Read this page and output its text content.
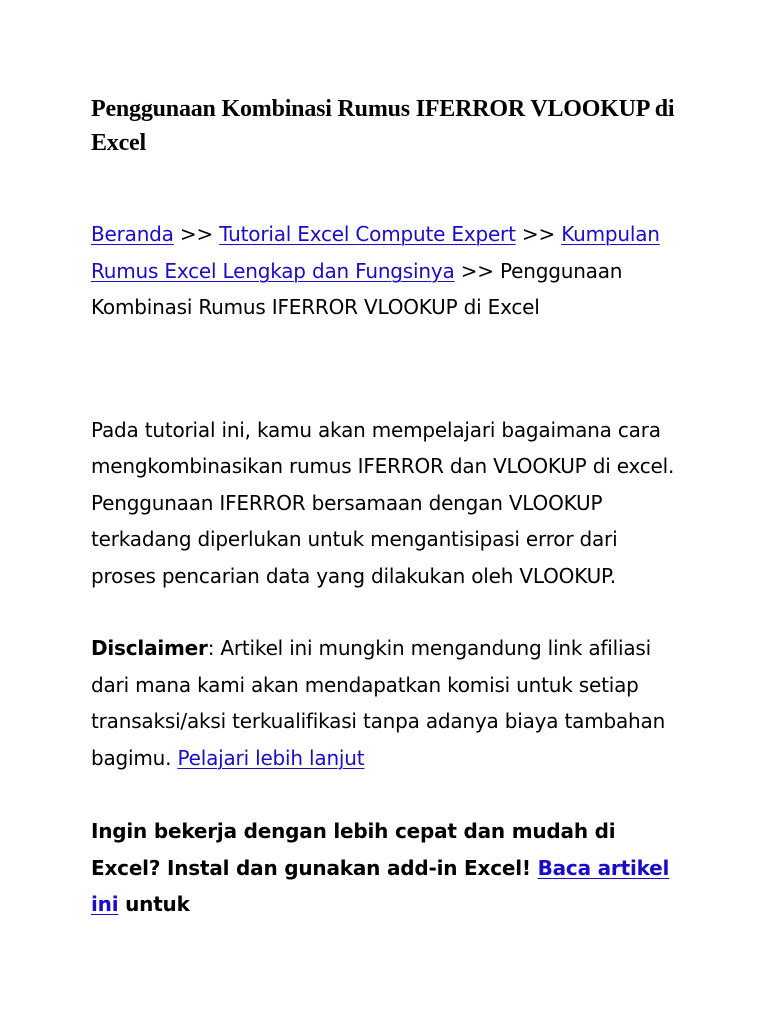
Penggunaan Kombinasi Rumus IFERROR VLOOKUP di Excel

Beranda >> Tutorial Excel Compute Expert >> Kumpulan Rumus Excel Lengkap dan Fungsinya >> Penggunaan Kombinasi Rumus IFERROR VLOOKUP di Excel

Pada tutorial ini, kamu akan mempelajari bagaimana cara mengkombinasikan rumus IFERROR dan VLOOKUP di excel. Penggunaan IFERROR bersamaan dengan VLOOKUP terkadang diperlukan untuk mengantisipasi error dari proses pencarian data yang dilakukan oleh VLOOKUP.

Disclaimer: Artikel ini mungkin mengandung link afiliasi dari mana kami akan mendapatkan komisi untuk setiap transaksi/aksi terkualifikasi tanpa adanya biaya tambahan bagimu. Pelajari lebih lanjut

Ingin bekerja dengan lebih cepat dan mudah di Excel? Instal dan gunakan add-in Excel! Baca artikel ini untuk
